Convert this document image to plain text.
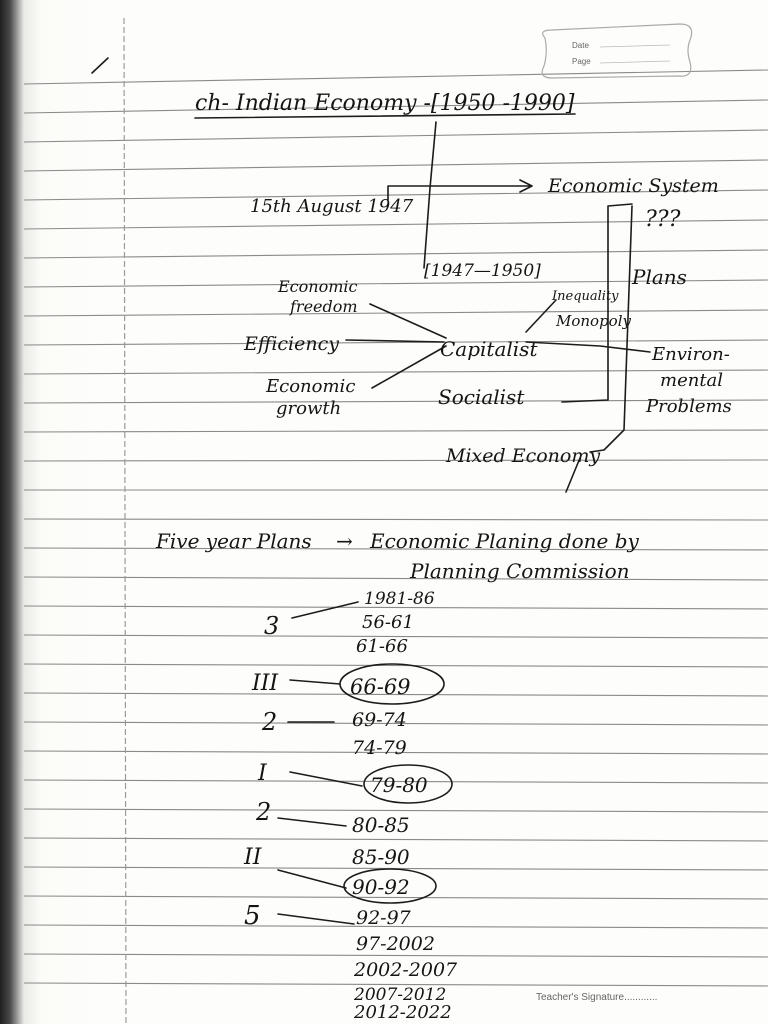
Date
Page
ch- Indian Economy -[1950 -1990]
15th August 1947
Economic System
???
[1947—1950]	Plans
Economic
freedom
Efficiency
Economic
growth
Capitalist
Inequality
Monopoly
Environ-
mental
Problems
Socialist
Mixed Economy
Five year Plans → Economic Planing done by
Planning Commission
3
III
2
I
2
II
5
1981-86
56-61
61-66
66-69
69-74
74-79
79-80
80-85
85-90
90-92
92-97
97-2002
2002-2007
2007-2012
2012-2022
Teacher's Signature............
